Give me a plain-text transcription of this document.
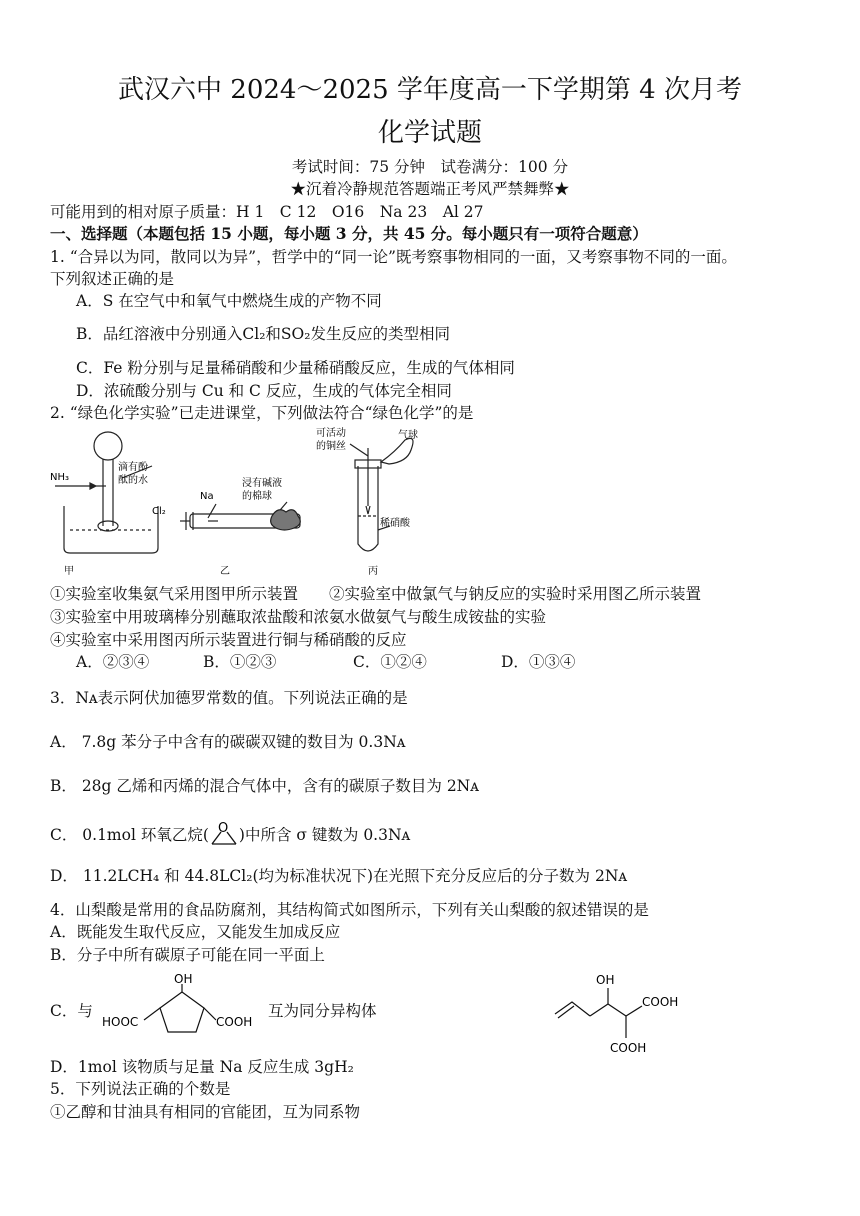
武汉六中 2024～2025 学年度高一下学期第 4 次月考
化学试题
考试时间：75 分钟　试卷满分：100 分
★沉着冷静规范答题端正考风严禁舞弊★
可能用到的相对原子质量：H 1　C 12　O16　Na 23　Al 27
一、选择题（本题包括 15 小题，每小题 3 分，共 45 分。每小题只有一项符合题意）
1. “合异以为同，散同以为异”，哲学中的“同一论”既考察事物相同的一面，又考察事物不同的一面。
下列叙述正确的是
A．S 在空气中和氧气中燃烧生成的产物不同
B．品红溶液中分别通入Cl₂和SO₂发生反应的类型相同
C．Fe 粉分别与足量稀硝酸和少量稀硝酸反应，生成的气体相同
D．浓硫酸分别与 Cu 和 C 反应，生成的气体完全相同
2. “绿色化学实验”已走进课堂，下列做法符合“绿色化学”的是
NH₃
滴有酚
酞的水
Na
Cl₂
浸有碱液
的棉球
可活动
的铜丝
气球
稀硝酸
甲	乙	丙
①实验室收集氨气采用图甲所示装置　　②实验室中做氯气与钠反应的实验时采用图乙所示装置
③实验室中用玻璃棒分别蘸取浓盐酸和浓氨水做氨气与酸生成铵盐的实验
④实验室中采用图丙所示装置进行铜与稀硝酸的反应
A．②③④	B．①②③	C．①②④	D．①③④
3．Nᴀ表示阿伏加德罗常数的值。下列说法正确的是
A． 7.8g 苯分子中含有的碳碳双键的数目为 0.3Nᴀ
B． 28g 乙烯和丙烯的混合气体中，含有的碳原子数目为 2Nᴀ
C． 0.1mol 环氧乙烷( O )中所含 σ 键数为 0.3Nᴀ
D． 11.2LCH₄ 和 44.8LCl₂(均为标准状况下)在光照下充分反应后的分子数为 2Nᴀ
4．山梨酸是常用的食品防腐剂，其结构简式如图所示，下列有关山梨酸的叙述错误的是
A．既能发生取代反应，又能发生加成反应
B．分子中所有碳原子可能在同一平面上
C．与
OH
HOOC	COOH
互为同分异构体
OH
COOH
COOH
D．1mol 该物质与足量 Na 反应生成 3gH₂
5．下列说法正确的个数是
①乙醇和甘油具有相同的官能团，互为同系物
